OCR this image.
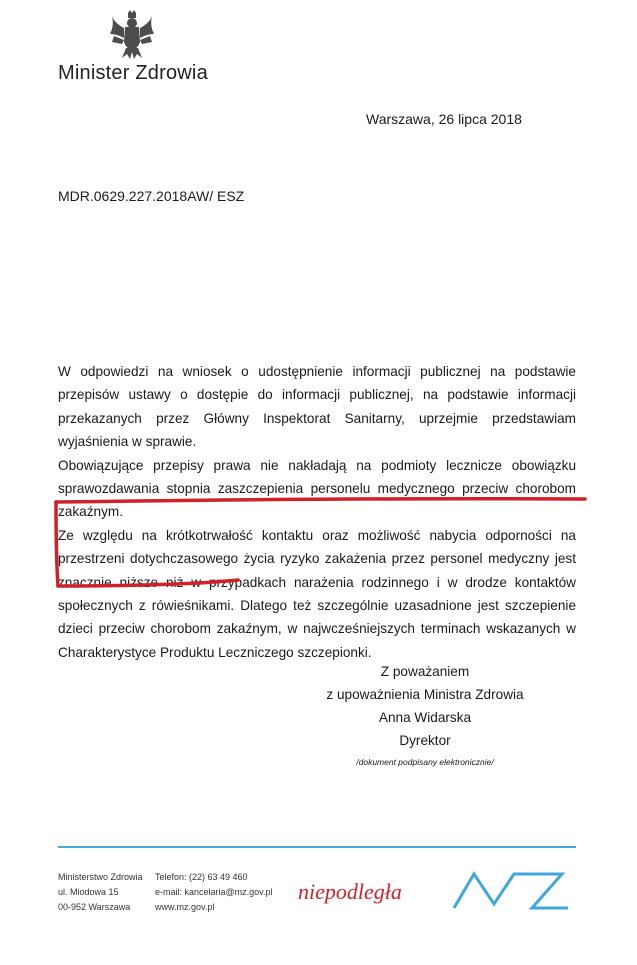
Minister Zdrowia
Warszawa, 26 lipca 2018
MDR.0629.227.2018AW/ ESZ

W odpowiedzi na wniosek o udostępnienie informacji publicznej na podstawie przepisów ustawy o dostępie do informacji publicznej, na podstawie informacji przekazanych przez Główny Inspektorat Sanitarny, uprzejmie przedstawiam wyjaśnienia w sprawie.

Obowiązujące przepisy prawa nie nakładają na podmioty lecznicze obowiązku sprawozdawania stopnia zaszczepienia personelu medycznego przeciw chorobom zakaźnym.

Ze względu na krótkotrwałość kontaktu oraz możliwość nabycia odporności na przestrzeni dotychczasowego życia ryzyko zakażenia przez personel medyczny jest znacznie niższe niż w przypadkach narażenia rodzinnego i w drodze kontaktów społecznych z rówieśnikami. Dlatego też szczególnie uzasadnione jest szczepienie dzieci przeciw chorobom zakaźnym, w najwcześniejszych terminach wskazanych w Charakterystyce Produktu Leczniczego szczepionki.

Z poważaniem
z upoważnienia Ministra Zdrowia
Anna Widarska
Dyrektor
/dokument podpisany elektronicznie/
Ministerstwo Zdrowia
ul. Miodowa 15
00-952 Warszawa
Telefon: (22) 63 49 460
e-mail: kancelaria@mz.gov.pl
www.mz.gov.pl
niepodległa
